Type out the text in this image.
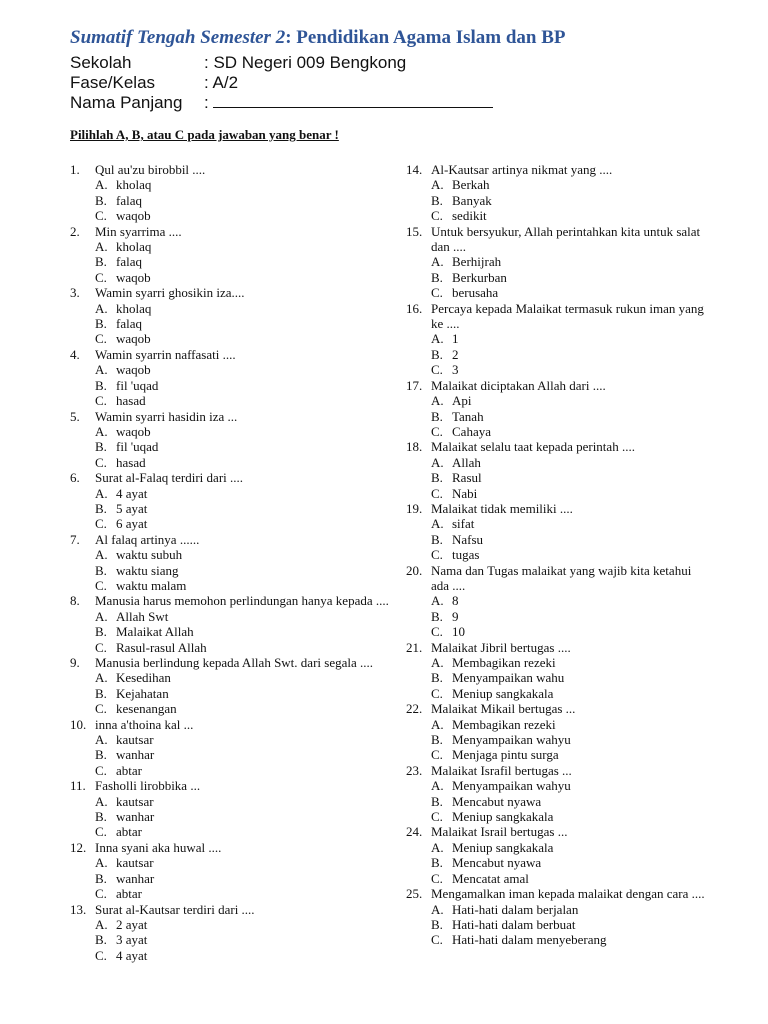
Sumatif Tengah Semester 2: Pendidikan Agama Islam dan BP
Sekolah	: SD Negeri 009 Bengkong
Fase/Kelas	: A/2
Nama Panjang :
Pilihlah A, B, atau C pada jawaban yang benar !
1.	Qul au'zu birobbil ....
A. kholaq
B. falaq
C. waqob
2.	Min syarrima ....
A. kholaq
B. falaq
C. waqob
3.	Wamin syarri ghosikin iza....
A. kholaq
B. falaq
C. waqob
4.	Wamin syarrin naffasati ....
A. waqob
B. fil 'uqad
C. hasad
5.	Wamin syarri hasidin iza ...
A. waqob
B. fil 'uqad
C. hasad
6.	Surat al-Falaq terdiri dari ....
A. 4 ayat
B. 5 ayat
C. 6 ayat
7.	Al falaq artinya ......
A. waktu subuh
B. waktu siang
C. waktu malam
8.	Manusia harus memohon perlindungan hanya kepada ....
A. Allah Swt
B. Malaikat Allah
C. Rasul-rasul Allah
9.	Manusia berlindung kepada Allah Swt. dari segala ....
A. Kesedihan
B. Kejahatan
C. kesenangan
10. inna a'thoina kal ...
A. kautsar
B. wanhar
C. abtar
11. Fasholli lirobbika ...
A. kautsar
B. wanhar
C. abtar
12. Inna syani aka huwal ....
A. kautsar
B. wanhar
C. abtar
13. Surat al-Kautsar terdiri dari ....
A. 2 ayat
B. 3 ayat
C. 4 ayat
14. Al-Kautsar artinya nikmat yang ....
A. Berkah
B. Banyak
C. sedikit
15. Untuk bersyukur, Allah perintahkan kita untuk salat dan ....
A. Berhijrah
B. Berkurban
C. berusaha
16. Percaya kepada Malaikat termasuk rukun iman yang ke ....
A. 1
B. 2
C. 3
17. Malaikat diciptakan Allah dari ....
A. Api
B. Tanah
C. Cahaya
18. Malaikat selalu taat kepada perintah ....
A. Allah
B. Rasul
C. Nabi
19. Malaikat tidak memiliki ....
A. sifat
B. Nafsu
C. tugas
20. Nama dan Tugas malaikat yang wajib kita ketahui ada ....
A. 8
B. 9
C. 10
21. Malaikat Jibril bertugas ....
A. Membagikan rezeki
B. Menyampaikan wahu
C. Meniup sangkakala
22. Malaikat Mikail bertugas ...
A. Membagikan rezeki
B. Menyampaikan wahyu
C. Menjaga pintu surga
23. Malaikat Israfil bertugas ...
A. Menyampaikan wahyu
B. Mencabut nyawa
C. Meniup sangkakala
24. Malaikat Israil bertugas ...
A. Meniup sangkakala
B. Mencabut nyawa
C. Mencatat amal
25. Mengamalkan iman kepada malaikat dengan cara ....
A. Hati-hati dalam berjalan
B. Hati-hati dalam berbuat
C. Hati-hati dalam menyeberang
